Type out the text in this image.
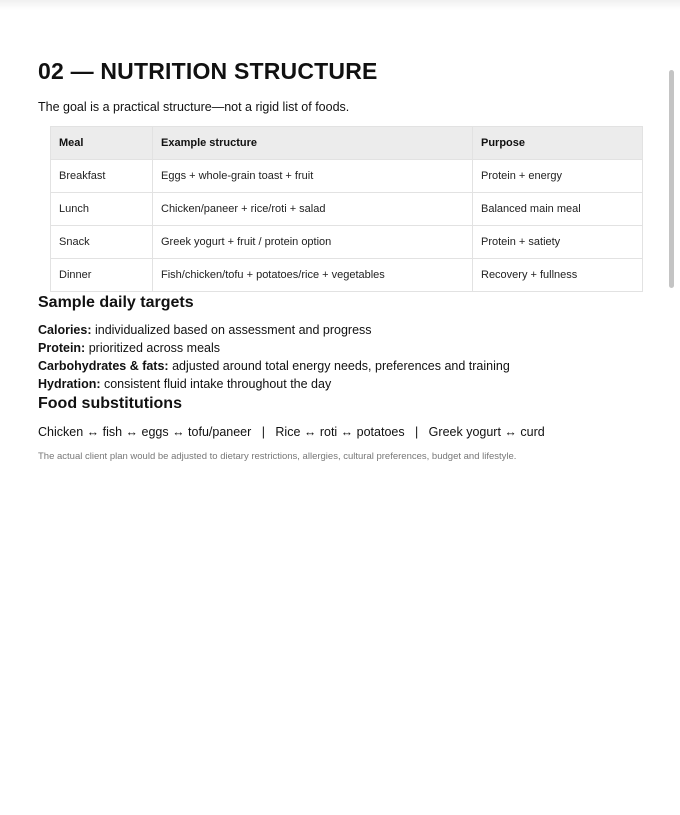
02 — NUTRITION STRUCTURE

The goal is a practical structure—not a rigid list of foods.

Meal	Example structure	Purpose
Breakfast	Eggs + whole-grain toast + fruit	Protein + energy
Lunch	Chicken/paneer + rice/roti + salad	Balanced main meal
Snack	Greek yogurt + fruit / protein option	Protein + satiety
Dinner	Fish/chicken/tofu + potatoes/rice + vegetables	Recovery + fullness
Sample daily targets
Calories: individualized based on assessment and progress
Protein: prioritized across meals
Carbohydrates & fats: adjusted around total energy needs, preferences and training
Hydration: consistent fluid intake throughout the day
Food substitutions

Chicken ↔ fish ↔ eggs ↔ tofu/paneer   |   Rice ↔ roti ↔ potatoes   |   Greek yogurt ↔ curd

The actual client plan would be adjusted to dietary restrictions, allergies, cultural preferences, budget and lifestyle.
